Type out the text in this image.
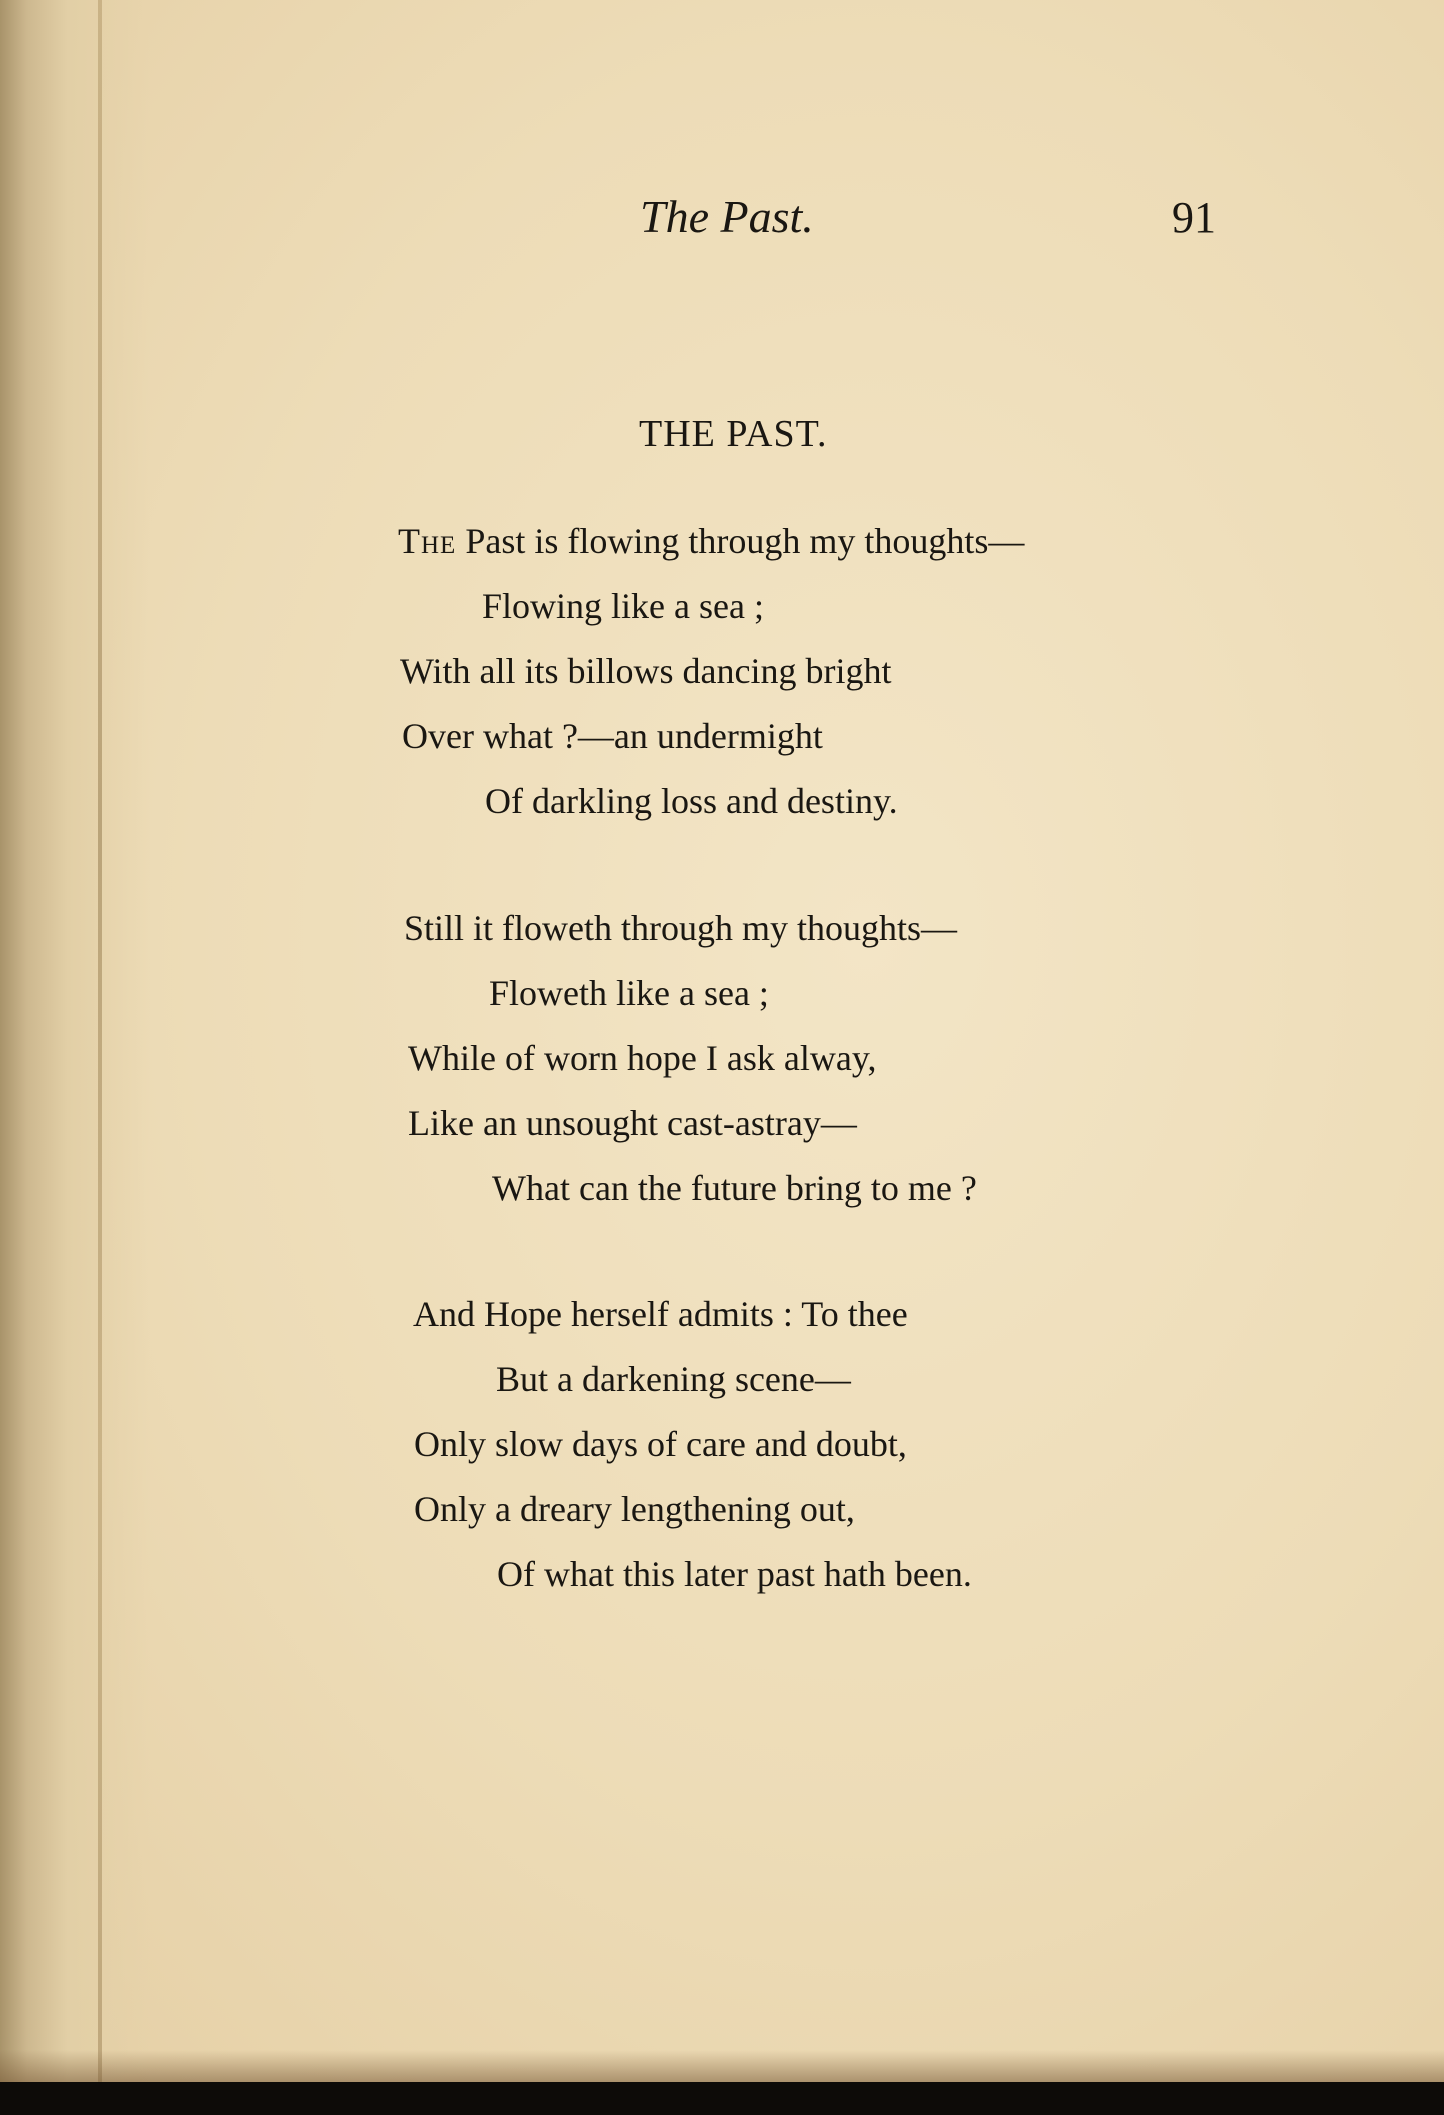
The Past.	91
THE PAST.
The Past is flowing through my thoughts—
Flowing like a sea ;
With all its billows dancing bright
Over what ?—an undermight
Of darkling loss and destiny.
Still it floweth through my thoughts—
Floweth like a sea ;
While of worn hope I ask alway,
Like an unsought cast-astray—
What can the future bring to me ?
And Hope herself admits : To thee
But a darkening scene—
Only slow days of care and doubt,
Only a dreary lengthening out,
Of what this later past hath been.
